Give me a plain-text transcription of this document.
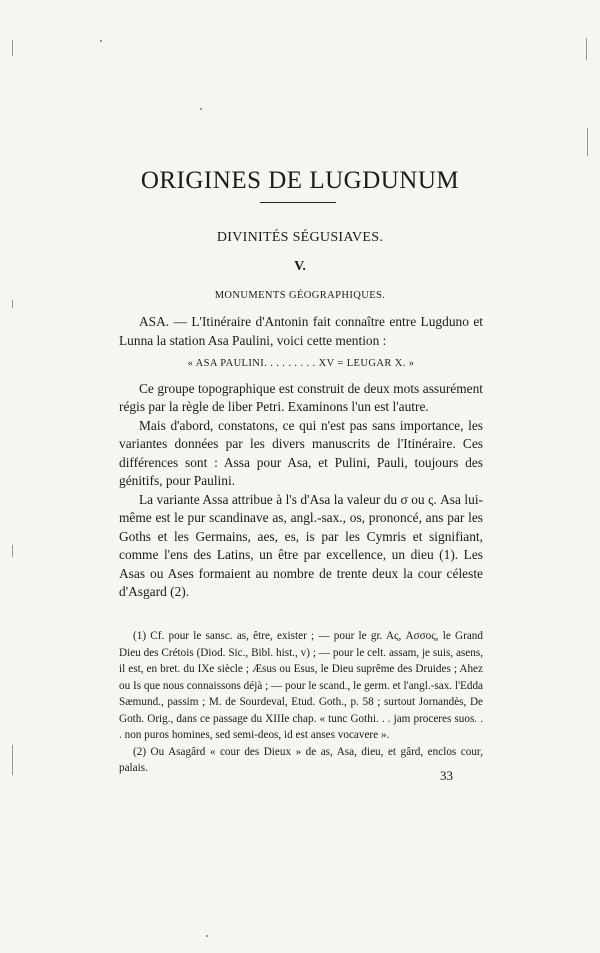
ORIGINES DE LUGDUNUM
DIVINITÉS SÉGUSIAVES.
V.
MONUMENTS GÉOGRAPHIQUES.

ASA. — L'Itinéraire d'Antonin fait connaître entre Lugduno et Lunna la station Asa Paulini, voici cette mention :

« ASA PAULINI. . . . . . . . . XV = LEUGAR X. »

Ce groupe topographique est construit de deux mots assurément régis par la règle de liber Petri. Examinons l'un est l'autre.

Mais d'abord, constatons, ce qui n'est pas sans importance, les variantes données par les divers manuscrits de l'Itinéraire. Ces différences sont : Assa pour Asa, et Pulini, Pauli, toujours des génitifs, pour Paulini.

La variante Assa attribue à l's d'Asa la valeur du σ ou ς. Asa lui-même est le pur scandinave as, angl.-sax., os, prononcé, ans par les Goths et les Germains, aes, es, is par les Cymris et signifiant, comme l'ens des Latins, un être par excellence, un dieu (1). Les Asas ou Ases formaient au nombre de trente deux la cour céleste d'Asgard (2).

(1) Cf. pour le sansc. as, être, exister ; — pour le gr. Aς, Aσσος, le Grand Dieu des Crétois (Diod. Sic., Bibl. hist., v) ; — pour le celt. assam, je suis, asens, il est, en bret. du IXe siècle ; Æsus ou Esus, le Dieu suprême des Druides ; Ahez ou Is que nous connaissons déjà ; — pour le scand., le germ. et l'angl.-sax. l'Edda Sæmund., passim ; M. de Sourdeval, Etud. Goth., p. 58 ; surtout Jornandès, De Goth. Orig., dans ce passage du XIIIe chap. « tunc Gothi. . . jam proceres suos. . . non puros homines, sed semi-deos, id est anses vocavere ».

(2) Ou Asagârd « cour des Dieux » de as, Asa, dieu, et gârd, enclos cour, palais.	33
